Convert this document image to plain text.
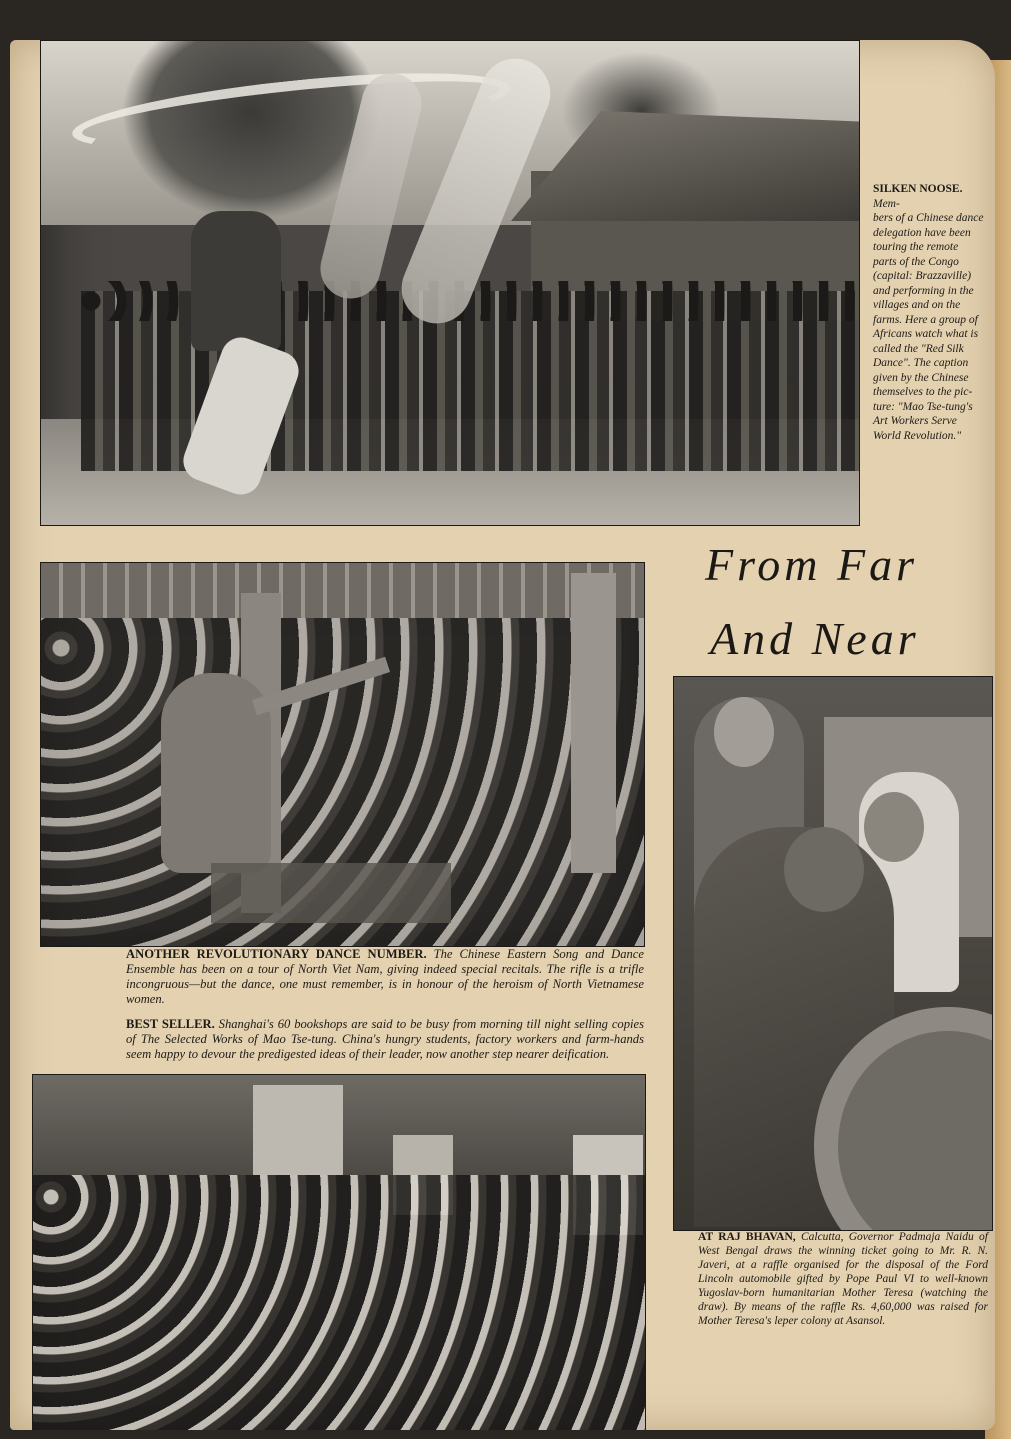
SILKEN NOOSE. Mem-
bers of a Chinese dance
delegation have been
touring the remote
parts of the Congo
(capital: Brazzaville)
and performing in the
villages and on the
farms. Here a group of
Africans watch what is
called the "Red Silk
Dance". The caption
given by the Chinese
themselves to the pic-
ture: "Mao Tse-tung's
Art Workers Serve
World Revolution."
From Far
And Near
ANOTHER REVOLUTIONARY DANCE NUMBER. The Chinese Eastern Song and Dance Ensemble has been on a tour of North Viet Nam, giving indeed special recitals. The rifle is a trifle incongruous—but the dance, one must remember, is in honour of the heroism of North Vietnamese women.
BEST SELLER. Shanghai's 60 bookshops are said to be busy from morning till night selling copies of The Selected Works of Mao Tse-tung. China's hungry students, factory workers and farm-hands seem happy to devour the predigested ideas of their leader, now another step nearer deification.
AT RAJ BHAVAN, Calcutta, Governor Padmaja Naidu of West Bengal draws the winning ticket going to Mr. R. N. Javeri, at a raffle organised for the disposal of the Ford Lincoln automobile gifted by Pope Paul VI to well-known Yugoslav-born humanitarian Mother Teresa (watching the draw). By means of the raffle Rs. 4,60,000 was raised for Mother Teresa's leper colony at Asansol.
